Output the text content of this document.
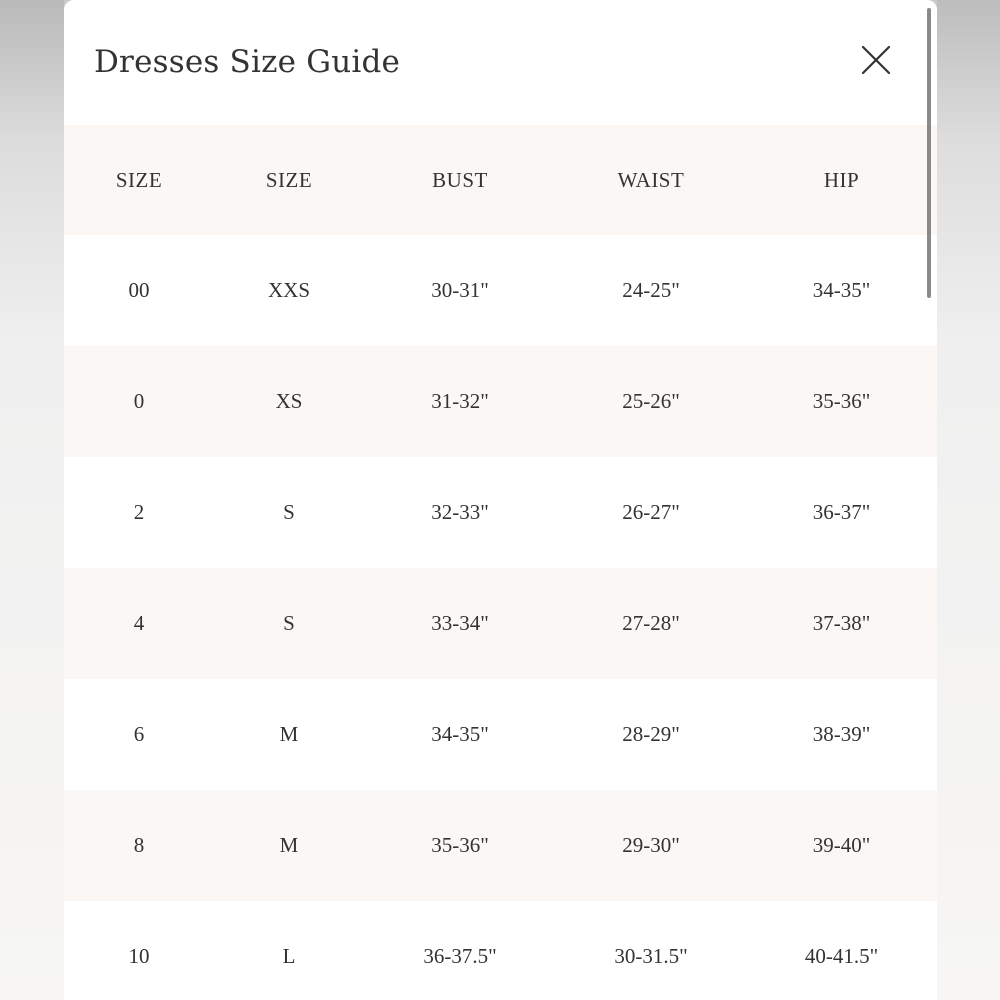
Dresses Size Guide
SIZE	SIZE	BUST	WAIST	HIP
00	XXS	30-31"	24-25"	34-35"
0	XS	31-32"	25-26"	35-36"
2	S	32-33"	26-27"	36-37"
4	S	33-34"	27-28"	37-38"
6	M	34-35"	28-29"	38-39"
8	M	35-36"	29-30"	39-40"
10	L	36-37.5"	30-31.5"	40-41.5"
